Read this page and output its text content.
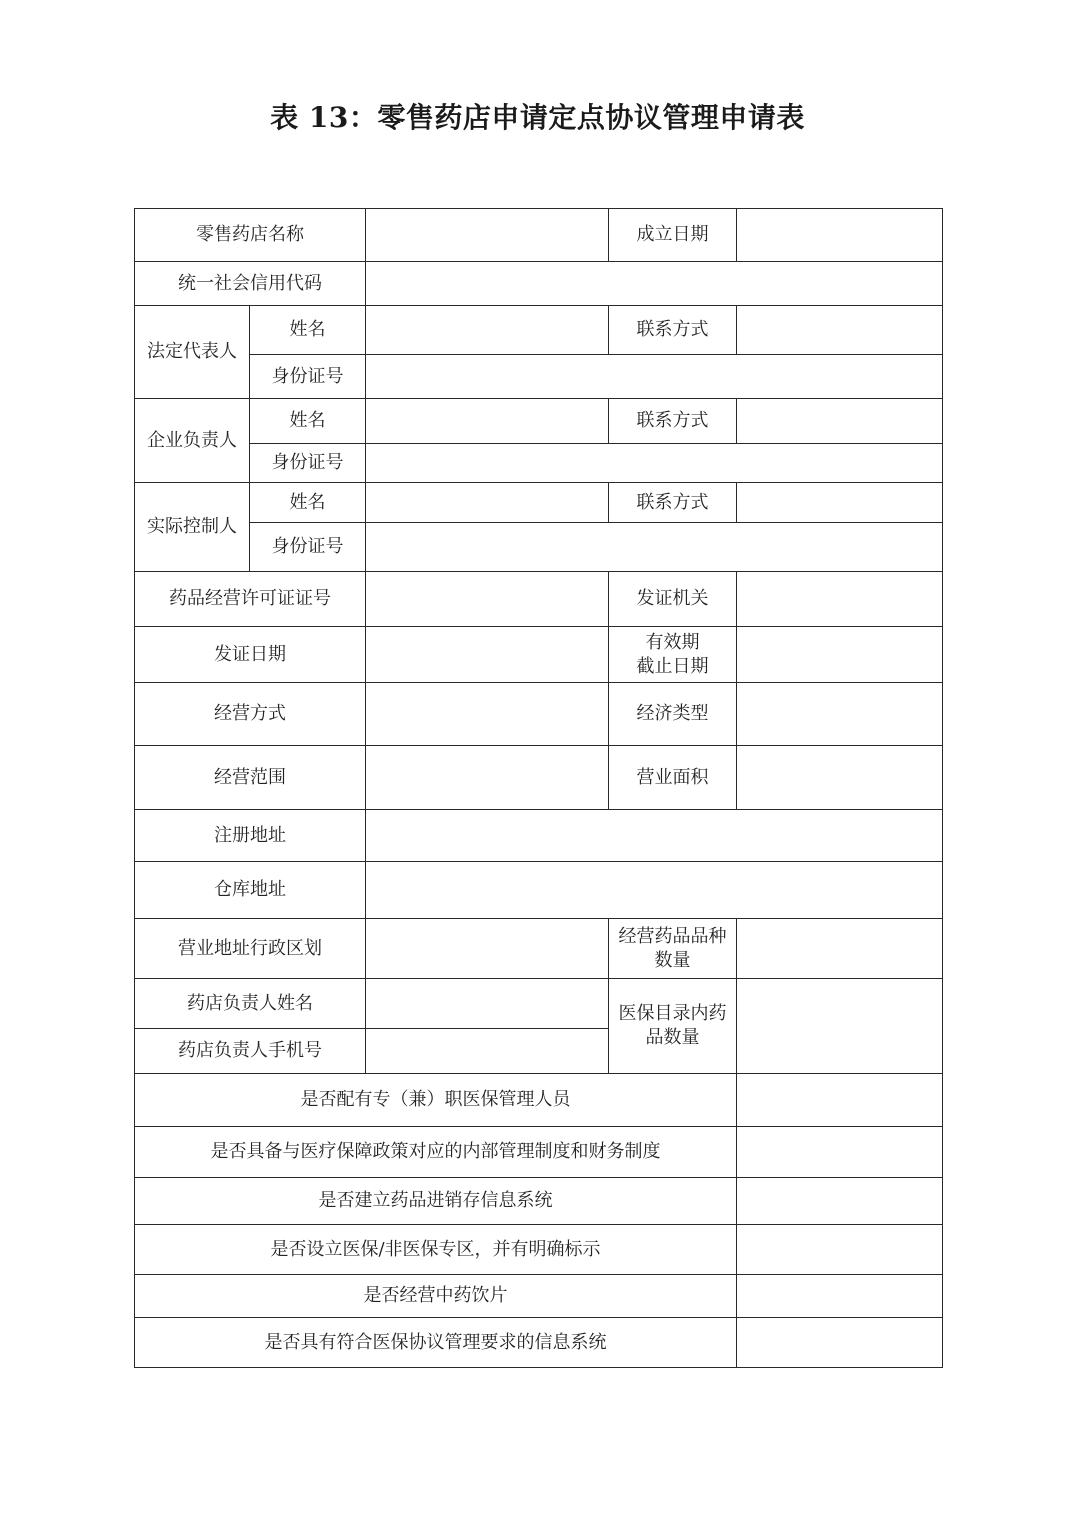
表 13：零售药店申请定点协议管理申请表
零售药店名称			成立日期	
统一社会信用代码				
法定代表人	姓名		联系方式	
	身份证号			
企业负责人	姓名		联系方式	
	身份证号			
实际控制人	姓名		联系方式	
	身份证号			
药品经营许可证证号			发证机关	
发证日期			有效期
截止日期	
经营方式			经济类型	
经营范围			营业面积	
注册地址				
仓库地址				
营业地址行政区划			经营药品品种
数量	
药店负责人姓名			医保目录内药
品数量	
药店负责人手机号				
是否配有专（兼）职医保管理人员				
是否具备与医疗保障政策对应的内部管理制度和财务制度				
是否建立药品进销存信息系统				
是否设立医保/非医保专区，并有明确标示				
是否经营中药饮片				
是否具有符合医保协议管理要求的信息系统				
